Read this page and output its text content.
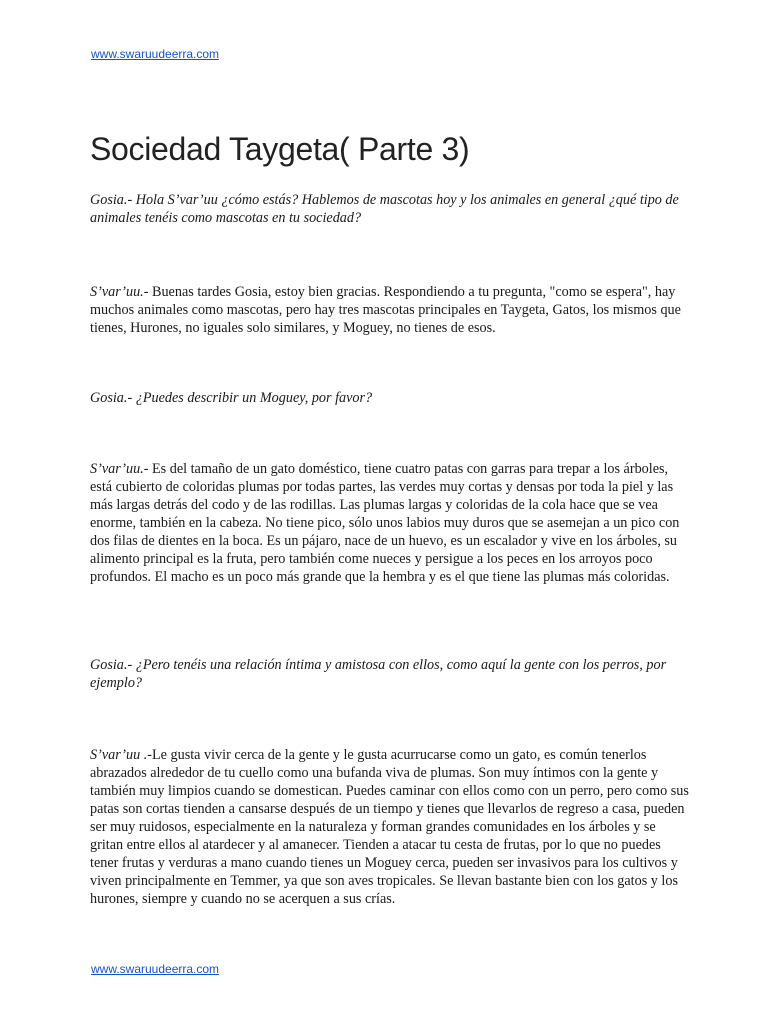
www.swaruudeerra.com
Sociedad Taygeta( Parte 3)

Gosia.- Hola S’var’uu ¿cómo estás? Hablemos de mascotas hoy y los animales en general ¿qué tipo de animales tenéis como mascotas en tu sociedad?

S’var’uu.- Buenas tardes Gosia, estoy bien gracias. Respondiendo a tu pregunta, "como se espera", hay muchos animales como mascotas, pero hay tres mascotas principales en Taygeta, Gatos, los mismos que tienes, Hurones, no iguales solo similares, y Moguey, no tienes de esos.

Gosia.- ¿Puedes describir un Moguey, por favor?

S’var’uu.- Es del tamaño de un gato doméstico, tiene cuatro patas con garras para trepar a los árboles, está cubierto de coloridas plumas por todas partes, las verdes muy cortas y densas por toda la piel y las más largas detrás del codo y de las rodillas. Las plumas largas y coloridas de la cola hace que se vea enorme, también en la cabeza. No tiene pico, sólo unos labios muy duros que se asemejan a un pico con dos filas de dientes en la boca. Es un pájaro, nace de un huevo, es un escalador y vive en los árboles, su alimento principal es la fruta, pero también come nueces y persigue a los peces en los arroyos poco profundos. El macho es un poco más grande que la hembra y es el que tiene las plumas más coloridas.

Gosia.- ¿Pero tenéis una relación íntima y amistosa con ellos, como aquí la gente con los perros, por ejemplo?

S’var’uu .-Le gusta vivir cerca de la gente y le gusta acurrucarse como un gato, es común tenerlos abrazados alrededor de tu cuello como una bufanda viva de plumas. Son muy íntimos con la gente y también muy limpios cuando se domestican. Puedes caminar con ellos como con un perro, pero como sus patas son cortas tienden a cansarse después de un tiempo y tienes que llevarlos de regreso a casa, pueden ser muy ruidosos, especialmente en la naturaleza y forman grandes comunidades en los árboles y se gritan entre ellos al atardecer y al amanecer. Tienden a atacar tu cesta de frutas, por lo que no puedes tener frutas y verduras a mano cuando tienes un Moguey cerca, pueden ser invasivos para los cultivos y viven principalmente en Temmer, ya que son aves tropicales. Se llevan bastante bien con los gatos y los hurones, siempre y cuando no se acerquen a sus crías.

www.swaruudeerra.com
